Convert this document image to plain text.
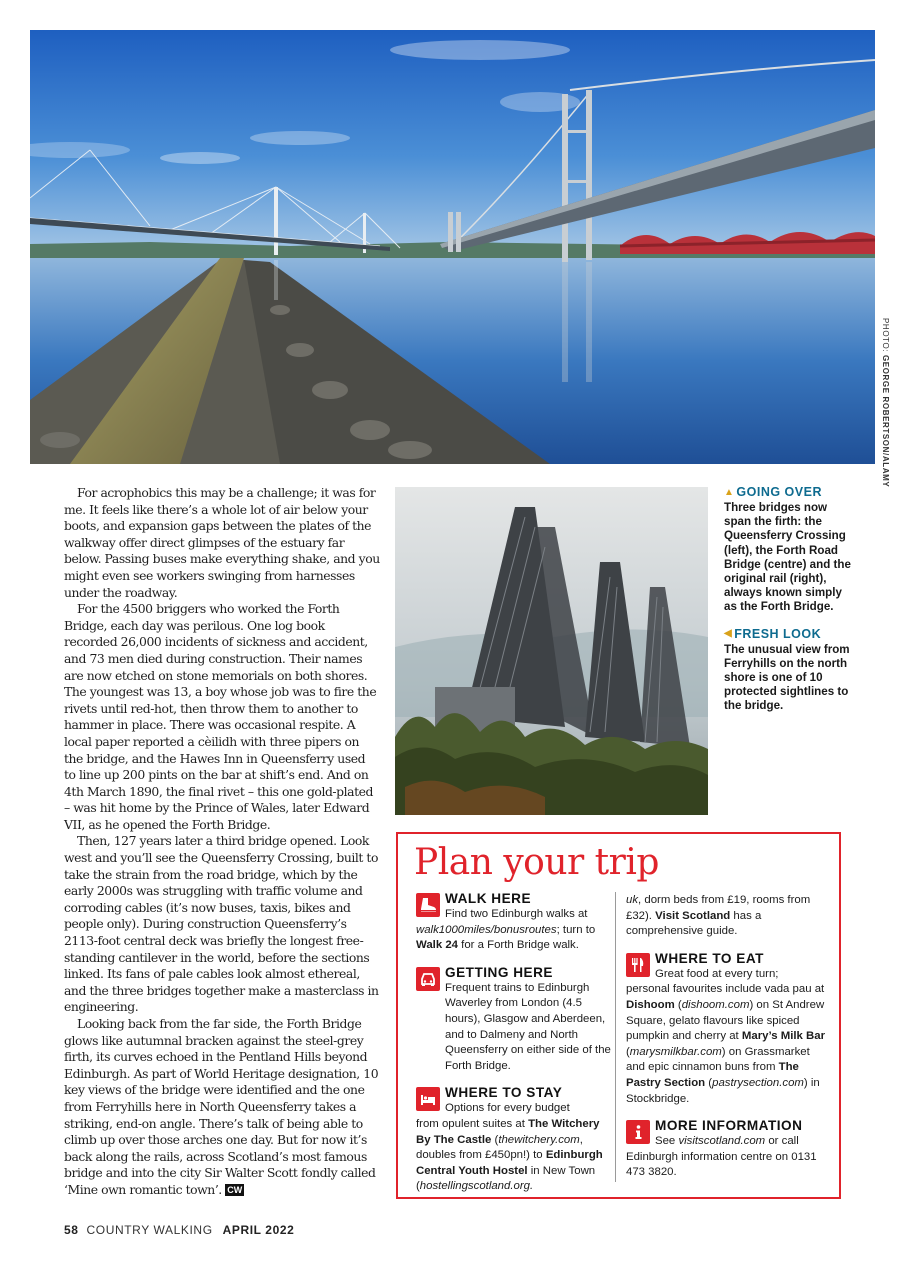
PHOTO: GEORGE ROBERTSON/ALAMY

For acrophobics this may be a challenge; it was for me. It feels like there’s a whole lot of air below your boots, and expansion gaps between the plates of the walkway offer direct glimpses of the estuary far below. Passing buses make everything shake, and you might even see workers swinging from harnesses under the roadway.

For the 4500 briggers who worked the Forth Bridge, each day was perilous. One log book recorded 26,000 incidents of sickness and accident, and 73 men died during construction. Their names are now etched on stone memorials on both shores. The youngest was 13, a boy whose job was to fire the rivets until red-hot, then throw them to another to hammer in place. There was occasional respite. A local paper reported a cèilidh with three pipers on the bridge, and the Hawes Inn in Queensferry used to line up 200 pints on the bar at shift’s end. And on 4th March 1890, the final rivet – this one gold-plated – was hit home by the Prince of Wales, later Edward VII, as he opened the Forth Bridge.

Then, 127 years later a third bridge opened. Look west and you’ll see the Queensferry Crossing, built to take the strain from the road bridge, which by the early 2000s was struggling with traffic volume and corroding cables (it’s now buses, taxis, bikes and people only). During construction Queensferry’s 2113-foot central deck was briefly the longest free-standing cantilever in the world, before the sections linked. Its fans of pale cables look almost ethereal, and the three bridges together make a masterclass in engineering.

Looking back from the far side, the Forth Bridge glows like autumnal bracken against the steel-grey firth, its curves echoed in the Pentland Hills beyond Edinburgh. As part of World Heritage designation, 10 key views of the bridge were identified and the one from Ferryhills here in North Queensferry takes a striking, end-on angle. There’s talk of being able to climb up over those arches one day. But for now it’s back along the rails, across Scotland’s most famous bridge and into the city Sir Walter Scott fondly called ‘Mine own romantic town’. CW

▲ GOING OVER
Three bridges now span the firth: the Queensferry Crossing (left), the Forth Road Bridge (centre) and the original rail (right), always known simply as the Forth Bridge.
◀ FRESH LOOK
The unusual view from Ferryhills on the north shore is one of 10 protected sightlines to the bridge.
Plan your trip
WALK HERE
Find two Edinburgh walks at
walk1000miles/bonusroutes; turn to Walk 24 for a Forth Bridge walk.
GETTING HERE
Frequent trains to Edinburgh Waverley from London (4.5 hours), Glasgow and Aberdeen, and to Dalmeny and North Queensferry on either side of the Forth Bridge.
WHERE TO STAY
Options for every budget
from opulent suites at The Witchery By The Castle (thewitchery.com, doubles from £450pn!) to Edinburgh Central Youth Hostel in New Town (hostellingscotland.org.
uk, dorm beds from £19, rooms from £32). Visit Scotland has a comprehensive guide.
WHERE TO EAT
Great food at every turn;
personal favourites include vada pau at Dishoom (dishoom.com) on St Andrew Square, gelato flavours like spiced pumpkin and cherry at Mary’s Milk Bar (marysmilkbar.com) on Grassmarket and epic cinnamon buns from The Pastry Section (pastrysection.com) in Stockbridge.
MORE INFORMATION
See visitscotland.com or call
Edinburgh information centre on 0131 473 3820.
58 COUNTRY WALKING APRIL 2022
